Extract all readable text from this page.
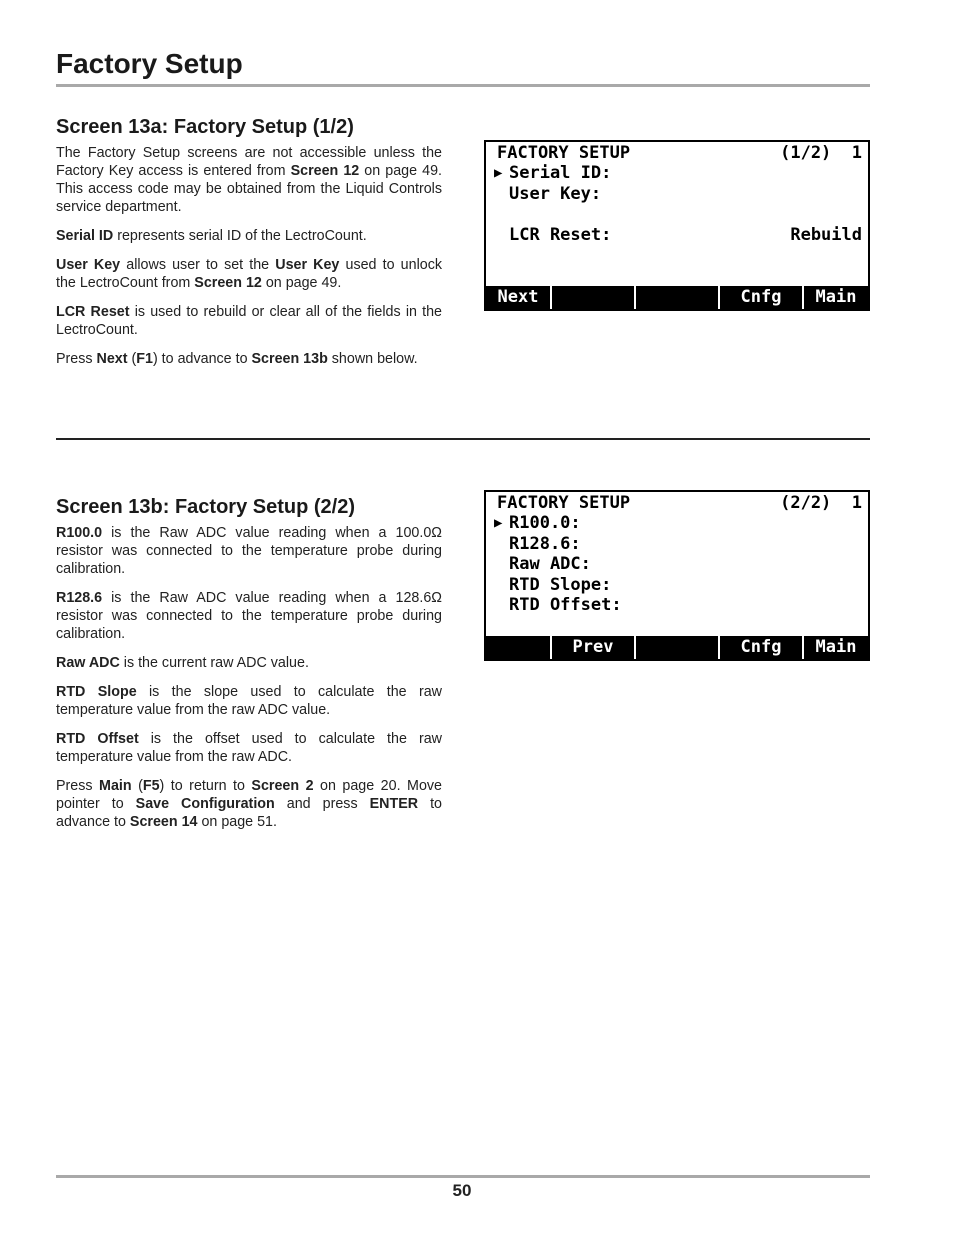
Factory Setup
Screen 13a: Factory Setup (1/2)

The Factory Setup screens are not accessible unless the Factory Key access is entered from Screen 12 on page 49. This access code may be obtained from the Liquid Controls service department.

Serial ID represents serial ID of the LectroCount.

User Key allows user to set the User Key used to unlock the LectroCount from Screen 12 on page 49.

LCR Reset is used to rebuild or clear all of the fields in the LectroCount.

Press Next (F1) to advance to Screen 13b shown below.

FACTORY SETUP	(1/2)  1
▶ Serial ID:
User Key:
LCR Reset:	Rebuild
Next	Cnfg	Main
Screen 13b: Factory Setup (2/2)

R100.0 is the Raw ADC value reading when a 100.0Ω resistor was connected to the temperature probe during calibration.

R128.6 is the Raw ADC value reading when a 128.6Ω resistor was connected to the temperature probe during calibration.

Raw ADC is the current raw ADC value.

RTD Slope is the slope used to calculate the raw temperature value from the raw ADC value.

RTD Offset is the offset used to calculate the raw temperature value from the raw ADC.

Press Main (F5) to return to Screen 2 on page 20. Move pointer to Save Configuration and press ENTER to advance to Screen 14 on page 51.

FACTORY SETUP	(2/2)  1
▶ R100.0:
R128.6:
Raw ADC:
RTD Slope:
RTD Offset:
Prev	Cnfg	Main
50
